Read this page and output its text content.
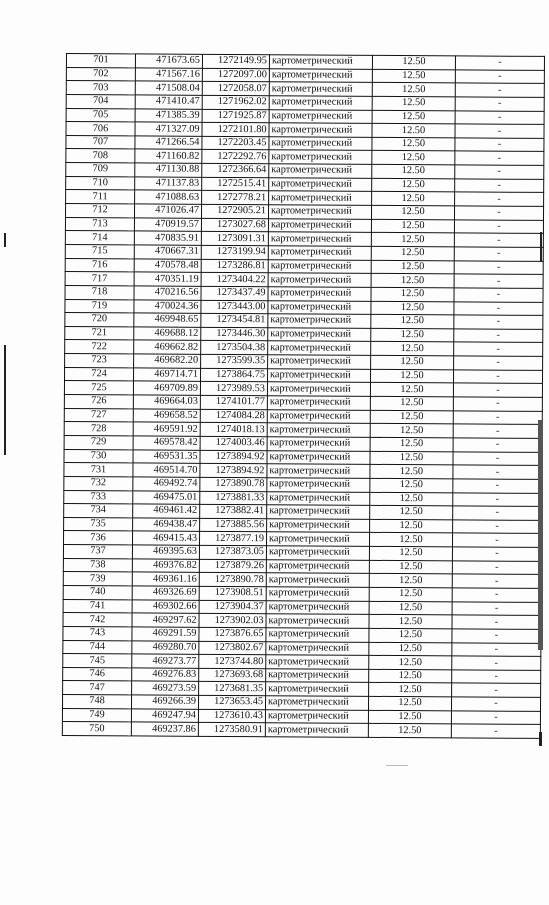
701	471673.65	1272149.95	картометрический	12.50	-
702	471567.16	1272097.00	картометрический	12.50	-
703	471508.04	1272058.07	картометрический	12.50	-
704	471410.47	1271962.02	картометрический	12.50	-
705	471385.39	1271925.87	картометрический	12.50	-
706	471327.09	1272101.80	картометрический	12.50	-
707	471266.54	1272203.45	картометрический	12.50	-
708	471160.82	1272292.76	картометрический	12.50	-
709	471130.88	1272366.64	картометрический	12.50	-
710	471137.83	1272515.41	картометрический	12.50	-
711	471088.63	1272778.21	картометрический	12.50	-
712	471026.47	1272905.21	картометрический	12.50	-
713	470919.57	1273027.68	картометрический	12.50	-
714	470835.91	1273091.31	картометрический	12.50	-
715	470667.31	1273199.94	картометрический	12.50	-
716	470578.48	1273286.81	картометрический	12.50	-
717	470351.19	1273404.22	картометрический	12.50	-
718	470216.56	1273437.49	картометрический	12.50	-
719	470024.36	1273443.00	картометрический	12.50	-
720	469948.65	1273454.81	картометрический	12.50	-
721	469688.12	1273446.30	картометрический	12.50	-
722	469662.82	1273504.38	картометрический	12.50	-
723	469682.20	1273599.35	картометрический	12.50	-
724	469714.71	1273864.75	картометрический	12.50	-
725	469709.89	1273989.53	картометрический	12.50	-
726	469664.03	1274101.77	картометрический	12.50	-
727	469658.52	1274084.28	картометрический	12.50	-
728	469591.92	1274018.13	картометрический	12.50	-
729	469578.42	1274003.46	картометрический	12.50	-
730	469531.35	1273894.92	картометрический	12.50	-
731	469514.70	1273894.92	картометрический	12.50	-
732	469492.74	1273890.78	картометрический	12.50	-
733	469475.01	1273881.33	картометрический	12.50	-
734	469461.42	1273882.41	картометрический	12.50	-
735	469438.47	1273885.56	картометрический	12.50	-
736	469415.43	1273877.19	картометрический	12.50	-
737	469395.63	1273873.05	картометрический	12.50	-
738	469376.82	1273879.26	картометрический	12.50	-
739	469361.16	1273890.78	картометрический	12.50	-
740	469326.69	1273908.51	картометрический	12.50	-
741	469302.66	1273904.37	картометрический	12.50	-
742	469297.62	1273902.03	картометрический	12.50	-
743	469291.59	1273876.65	картометрический	12.50	-
744	469280.70	1273802.67	картометрический	12.50	-
745	469273.77	1273744.80	картометрический	12.50	-
746	469276.83	1273693.68	картометрический	12.50	-
747	469273.59	1273681.35	картометрический	12.50	-
748	469266.39	1273653.45	картометрический	12.50	-
749	469247.94	1273610.43	картометрический	12.50	-
750	469237.86	1273580.91	картометрический	12.50	-
